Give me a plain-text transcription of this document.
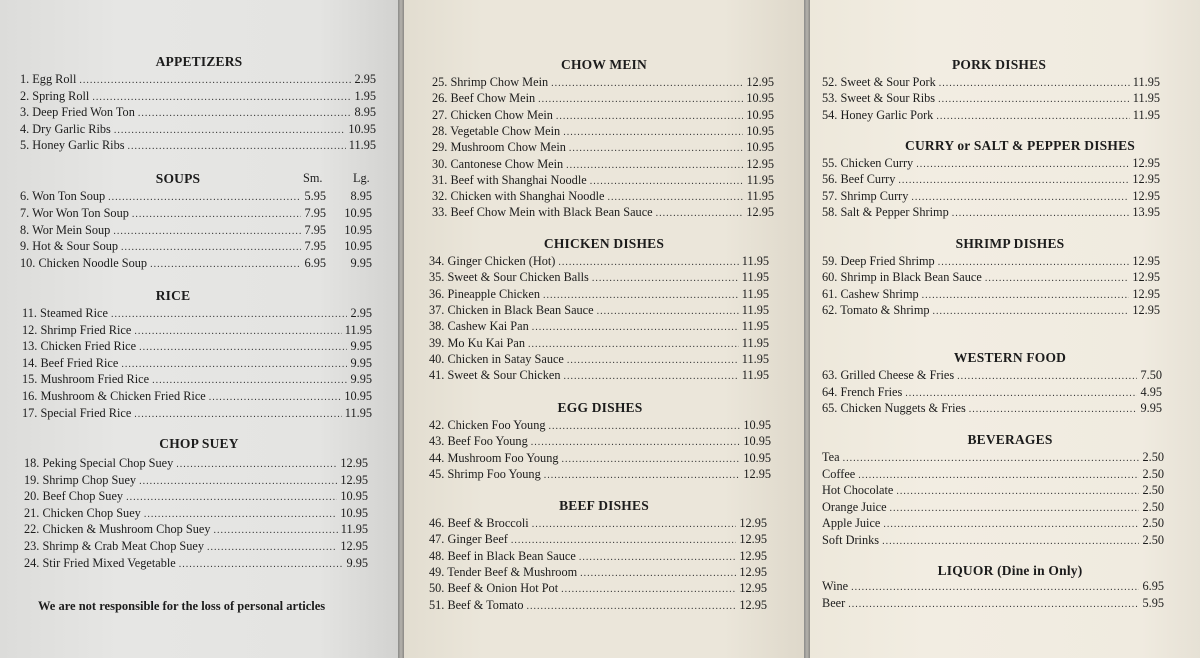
APPETIZERS
1. Egg Roll .....	2.95
2. Spring Roll .....	1.95
3. Deep Fried Won Ton .....	8.95
4. Dry Garlic Ribs .....	10.95
5. Honey Garlic Ribs .....	11.95
SOUPS	Sm. Lg.
6. Won Ton Soup .....	5.95	8.95
7. Wor Won Ton Soup .....	7.95	10.95
8. Wor Mein Soup .....	7.95	10.95
9. Hot & Sour Soup .....	7.95	10.95
10. Chicken Noodle Soup .....	6.95	9.95
RICE
11. Steamed Rice .....	2.95
12. Shrimp Fried Rice .....	11.95
13. Chicken Fried Rice .....	9.95
14. Beef Fried Rice .....	9.95
15. Mushroom Fried Rice .....	9.95
16. Mushroom & Chicken Fried Rice .....	10.95
17. Special Fried Rice .....	11.95
CHOP SUEY
18. Peking Special Chop Suey .....	12.95
19. Shrimp Chop Suey .....	12.95
20. Beef Chop Suey .....	10.95
21. Chicken Chop Suey .....	10.95
22. Chicken & Mushroom Chop Suey .....	11.95
23. Shrimp & Crab Meat Chop Suey .....	12.95
24. Stir Fried Mixed Vegetable .....	9.95
We are not responsible for the loss of personal articles
CHOW MEIN
25. Shrimp Chow Mein .....	12.95
26. Beef Chow Mein .....	10.95
27. Chicken Chow Mein .....	10.95
28. Vegetable Chow Mein .....	10.95
29. Mushroom Chow Mein .....	10.95
30. Cantonese Chow Mein .....	12.95
31. Beef with Shanghai Noodle .....	11.95
32. Chicken with Shanghai Noodle .....	11.95
33. Beef Chow Mein with Black Bean Sauce .....	12.95
CHICKEN DISHES
34. Ginger Chicken (Hot) .....	11.95
35. Sweet & Sour Chicken Balls .....	11.95
36. Pineapple Chicken .....	11.95
37. Chicken in Black Bean Sauce .....	11.95
38. Cashew Kai Pan .....	11.95
39. Mo Ku Kai Pan .....	11.95
40. Chicken in Satay Sauce .....	11.95
41. Sweet & Sour Chicken .....	11.95
EGG DISHES
42. Chicken Foo Young .....	10.95
43. Beef Foo Young .....	10.95
44. Mushroom Foo Young .....	10.95
45. Shrimp Foo Young .....	12.95
BEEF DISHES
46. Beef & Broccoli .....	12.95
47. Ginger Beef .....	12.95
48. Beef in Black Bean Sauce .....	12.95
49. Tender Beef & Mushroom .....	12.95
50. Beef & Onion Hot Pot .....	12.95
51. Beef & Tomato .....	12.95
PORK DISHES
52. Sweet & Sour Pork .....	11.95
53. Sweet & Sour Ribs .....	11.95
54. Honey Garlic Pork .....	11.95
CURRY or SALT & PEPPER DISHES
55. Chicken Curry .....	12.95
56. Beef Curry .....	12.95
57. Shrimp Curry .....	12.95
58. Salt & Pepper Shrimp .....	13.95
SHRIMP DISHES
59. Deep Fried Shrimp .....	12.95
60. Shrimp in Black Bean Sauce .....	12.95
61. Cashew Shrimp .....	12.95
62. Tomato & Shrimp .....	12.95
WESTERN FOOD
63. Grilled Cheese & Fries .....	7.50
64. French Fries .....	4.95
65. Chicken Nuggets & Fries .....	9.95
BEVERAGES
Tea .....	2.50
Coffee .....	2.50
Hot Chocolate .....	2.50
Orange Juice .....	2.50
Apple Juice .....	2.50
Soft Drinks .....	2.50
LIQUOR (Dine in Only)
Wine .....	6.95
Beer .....	5.95
